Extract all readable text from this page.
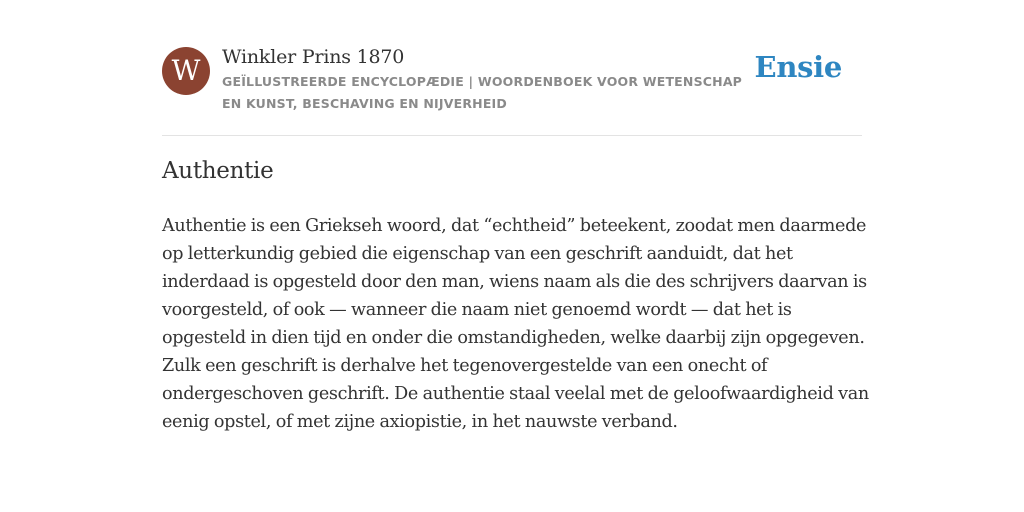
W	Winkler Prins 1870
GEÏLLUSTREERDE ENCYCLOPÆDIE | WOORDENBOEK VOOR WETENSCHAP EN KUNST, BESCHAVING EN NIJVERHEID
Ensie
Authentie

Authentie is een Griekseh woord, dat “echtheid” beteekent, zoodat men daarmede op letterkundig gebied die eigenschap van een geschrift aanduidt, dat het inderdaad is opgesteld door den man, wiens naam als die des schrijvers daarvan is voorgesteld, of ook — wanneer die naam niet genoemd wordt — dat het is opgesteld in dien tijd en onder die omstandigheden, welke daarbij zijn opgegeven. Zulk een geschrift is derhalve het tegenovergestelde van een onecht of ondergeschoven geschrift. De authentie staal veelal met de geloofwaardigheid van eenig opstel, of met zijne axiopistie, in het nauwste verband.
